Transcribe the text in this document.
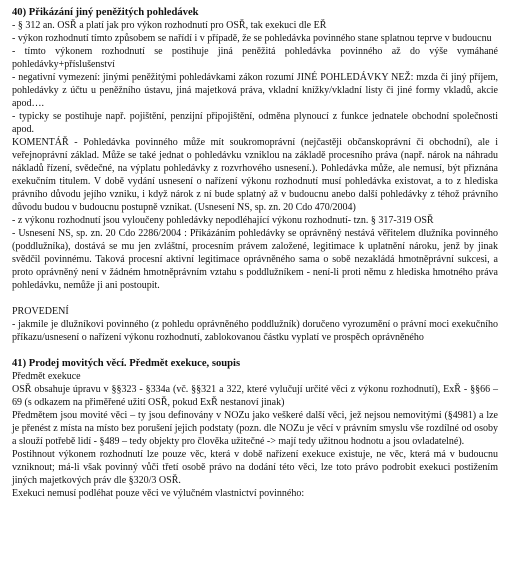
40) Přikázání jiný peněžitých pohledávek

- § 312 an. OSŘ a platí jak pro výkon rozhodnutí pro OSŘ, tak exekuci dle EŘ

- výkon rozhodnutí tímto způsobem se nařídí i v případě, že se pohledávka povinného stane splatnou teprve v budoucnu

- tímto výkonem rozhodnutí se postihuje jiná peněžitá pohledávka povinného až do výše vymáhané pohledávky+příslušenství

- negativní vymezení: jinými peněžitými pohledávkami zákon rozumí JINÉ POHLEDÁVKY NEŽ: mzda či jiný příjem, pohledávky z účtu u peněžního ústavu, jiná majetková práva, vkladní knížky/vkladní listy či jiné formy vkladů, akcie apod….

- typicky se postihuje např. pojištění, penzijní připojištění, odměna plynoucí z funkce jednatele obchodní společnosti apod.

KOMENTÁŘ - Pohledávka povinného může mít soukromoprávní (nejčastěji občanskoprávní či obchodní), ale i veřejnoprávní základ. Může se také jednat o pohledávku vzniklou na základě procesního práva (např. nárok na náhradu nákladů řízení, svědečné, na výplatu pohledávky z rozvrhového usnesení.). Pohledávka může, ale nemusí, být přiznána exekučním titulem. V době vydání usnesení o nařízení výkonu rozhodnutí musí pohledávka existovat, a to z hlediska právního důvodu jejího vzniku, i když nárok z ní bude splatný až v budoucnu anebo další pohledávky z téhož právního důvodu budou v budoucnu postupně vznikat. (Usnesení NS, sp. zn. 20 Cdo 470/2004)

- z výkonu rozhodnutí jsou vyloučeny pohledávky nepodléhající výkonu rozhodnutí- tzn. § 317-319 OSŘ

- Usnesení NS, sp. zn. 20 Cdo 2286/2004 : Přikázáním pohledávky se oprávněný nestává věřitelem dlužníka povinného (poddlužníka), dostává se mu jen zvláštní, procesním právem založené, legitimace k uplatnění nároku, jenž by jinak svědčil povinnému. Taková procesní aktivní legitimace oprávněného sama o sobě nezakládá hmotněprávní sukcesi, a proto oprávněný není v žádném hmotněprávním vztahu s poddlužníkem - není-li proti němu z hlediska hmotného práva pohledávku, nemůže ji ani postoupit.

PROVEDENÍ

- jakmile je dlužníkovi povinného (z pohledu oprávněného poddlužník) doručeno vyrozumění o právní moci exekučního příkazu/usnesení o nařízení výkonu rozhodnutí, zablokovanou částku vyplatí ve prospěch oprávněného

41) Prodej movitých věcí. Předmět exekuce, soupis
Předmět exekuce

OSŘ obsahuje úpravu v §§323 - §334a (vč. §§321 a 322, které vylučují určité věci z výkonu rozhodnutí), ExŘ - §§66 – 69 (s odkazem na přiměřené užití OSŘ, pokud ExŘ nestanoví jinak)

Předmětem jsou movité věci – ty jsou definovány v NOZu jako veškeré další věci, jež nejsou nemovitými (§4981) a lze je přenést z místa na místo bez porušení jejich podstaty (pozn. dle NOZu je věcí v právním smyslu vše rozdílné od osoby a slouží potřebě lidí - §489 – tedy objekty pro člověka užitečné -> mají tedy užitnou hodnotu a jsou ovladatelné).

Postihnout výkonem rozhodnutí lze pouze věc, která v době nařízení exekuce existuje, ne věc, která má v budoucnu vzniknout; má-li však povinný vůči třetí osobě právo na dodání této věci, lze toto právo podrobit exekuci postižením jiných majetkových práv dle §320/3 OSŘ.

Exekuci nemusí podléhat pouze věci ve výlučném vlastnictví povinného:
